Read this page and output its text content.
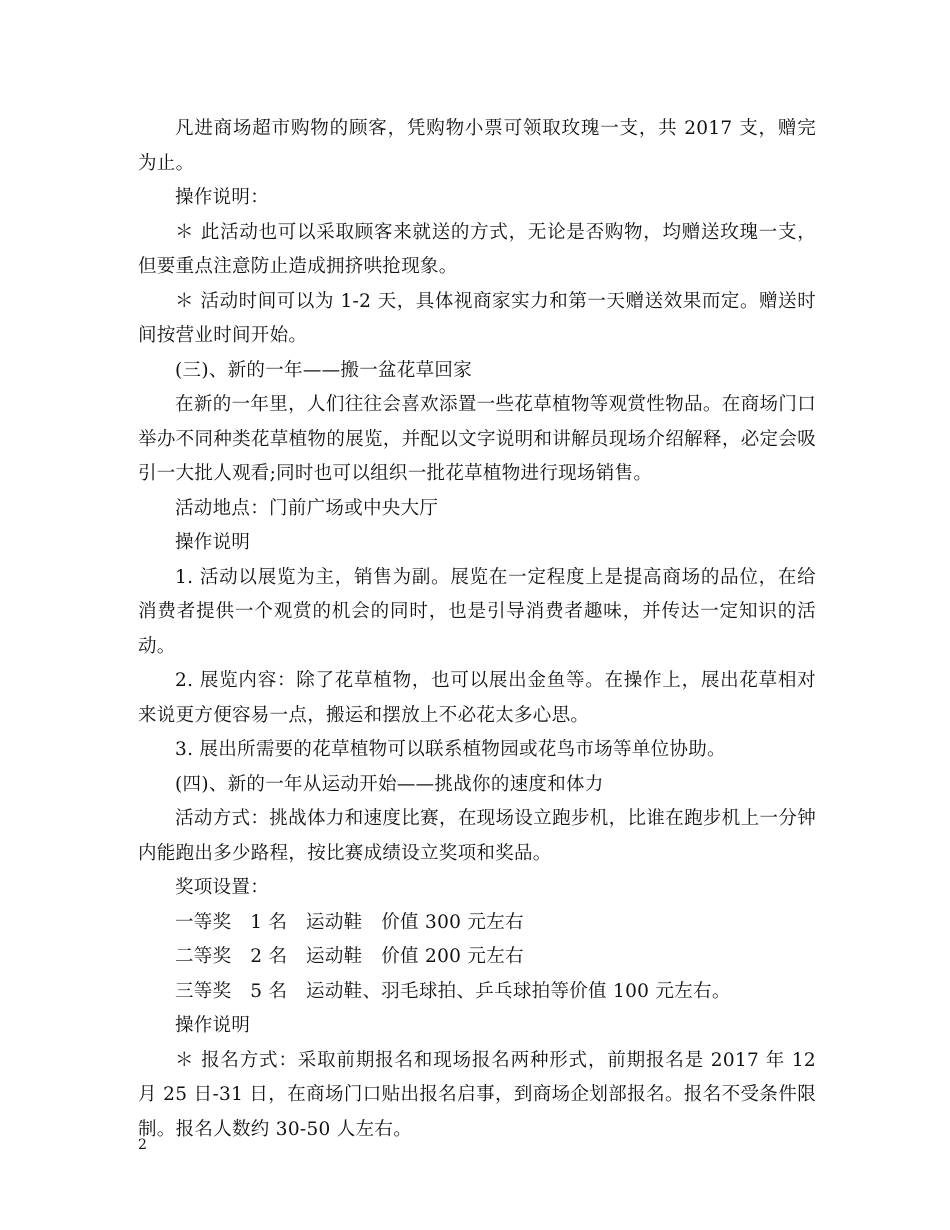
凡进商场超市购物的顾客，凭购物小票可领取玫瑰一支，共 2017 支，赠完为止。

操作说明：

＊ 此活动也可以采取顾客来就送的方式，无论是否购物，均赠送玫瑰一支，但要重点注意防止造成拥挤哄抢现象。

＊ 活动时间可以为 1-2 天，具体视商家实力和第一天赠送效果而定。赠送时间按营业时间开始。

(三)、新的一年——搬一盆花草回家

在新的一年里，人们往往会喜欢添置一些花草植物等观赏性物品。在商场门口举办不同种类花草植物的展览，并配以文字说明和讲解员现场介绍解释，必定会吸引一大批人观看;同时也可以组织一批花草植物进行现场销售。

活动地点：门前广场或中央大厅

操作说明

1. 活动以展览为主，销售为副。展览在一定程度上是提高商场的品位，在给消费者提供一个观赏的机会的同时，也是引导消费者趣味，并传达一定知识的活动。

2. 展览内容：除了花草植物，也可以展出金鱼等。在操作上，展出花草相对来说更方便容易一点，搬运和摆放上不必花太多心思。

3. 展出所需要的花草植物可以联系植物园或花鸟市场等单位协助。

(四)、新的一年从运动开始——挑战你的速度和体力

活动方式：挑战体力和速度比赛，在现场设立跑步机，比谁在跑步机上一分钟内能跑出多少路程，按比赛成绩设立奖项和奖品。

奖项设置：

一等奖　1 名　运动鞋　价值 300 元左右

二等奖　2 名　运动鞋　价值 200 元左右

三等奖　5 名　运动鞋、羽毛球拍、乒乓球拍等价值 100 元左右。

操作说明

＊ 报名方式：采取前期报名和现场报名两种形式，前期报名是 2017 年 12 月 25 日-31 日，在商场门口贴出报名启事，到商场企划部报名。报名不受条件限制。报名人数约 30-50 人左右。

2
